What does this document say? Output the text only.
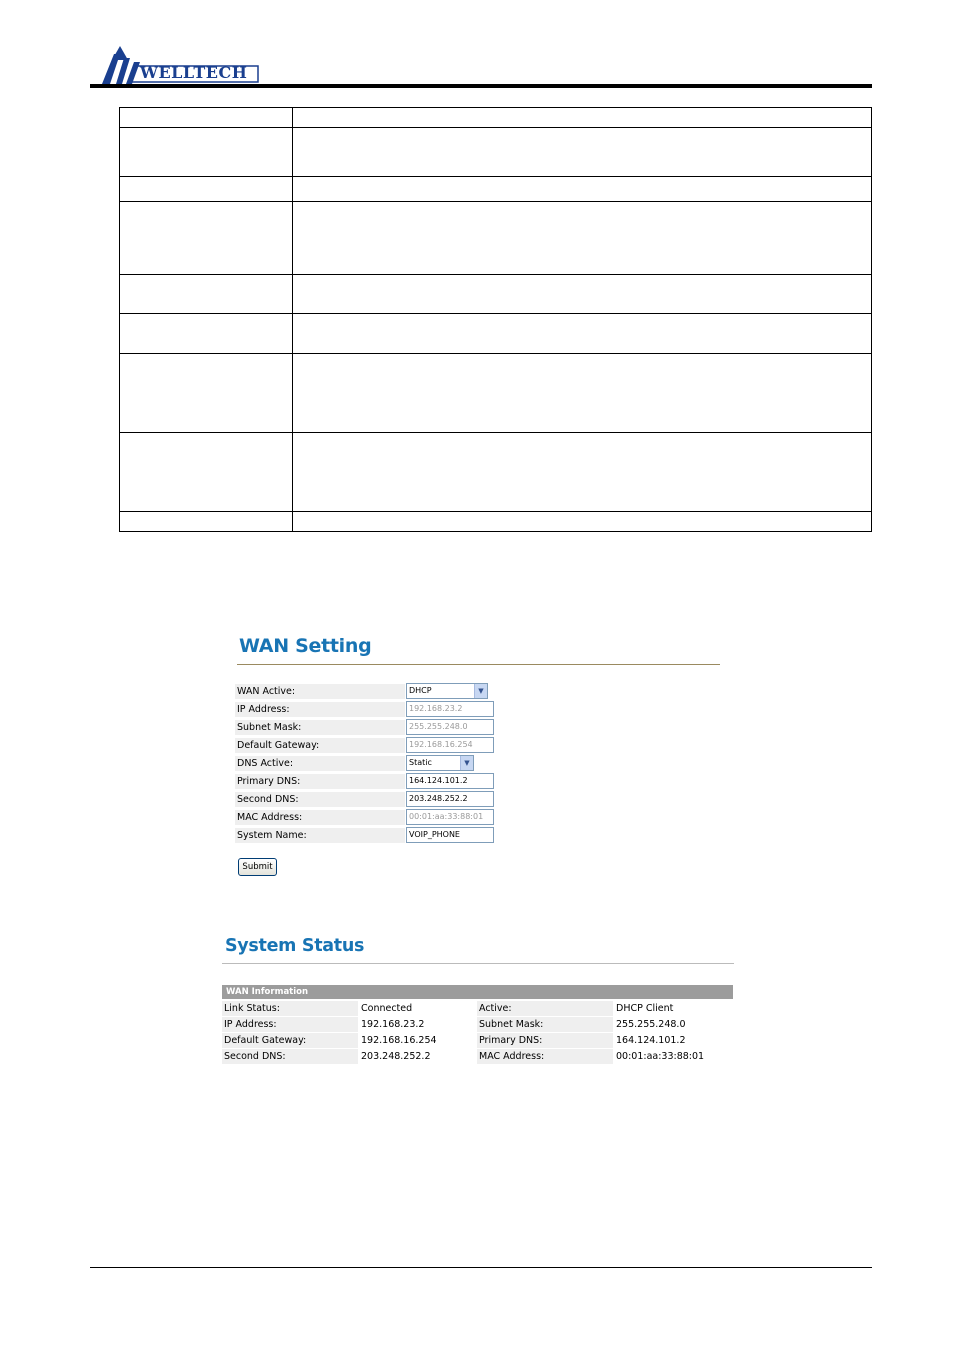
WELLTECH

WAN Setting
WAN Active:	DHCP	▼
IP Address:	192.168.23.2
Subnet Mask:	255.255.248.0
Default Gateway:	192.168.16.254
DNS Active:	Static	▼
Primary DNS:	164.124.101.2
Second DNS:	203.248.252.2
MAC Address:	00:01:aa:33:88:01
System Name:	VOIP_PHONE
Submit
System Status
WAN Information
Link Status:	Connected	Active:	DHCP Client
IP Address:	192.168.23.2	Subnet Mask:	255.255.248.0
Default Gateway:	192.168.16.254	Primary DNS:	164.124.101.2
Second DNS:	203.248.252.2	MAC Address:	00:01:aa:33:88:01
